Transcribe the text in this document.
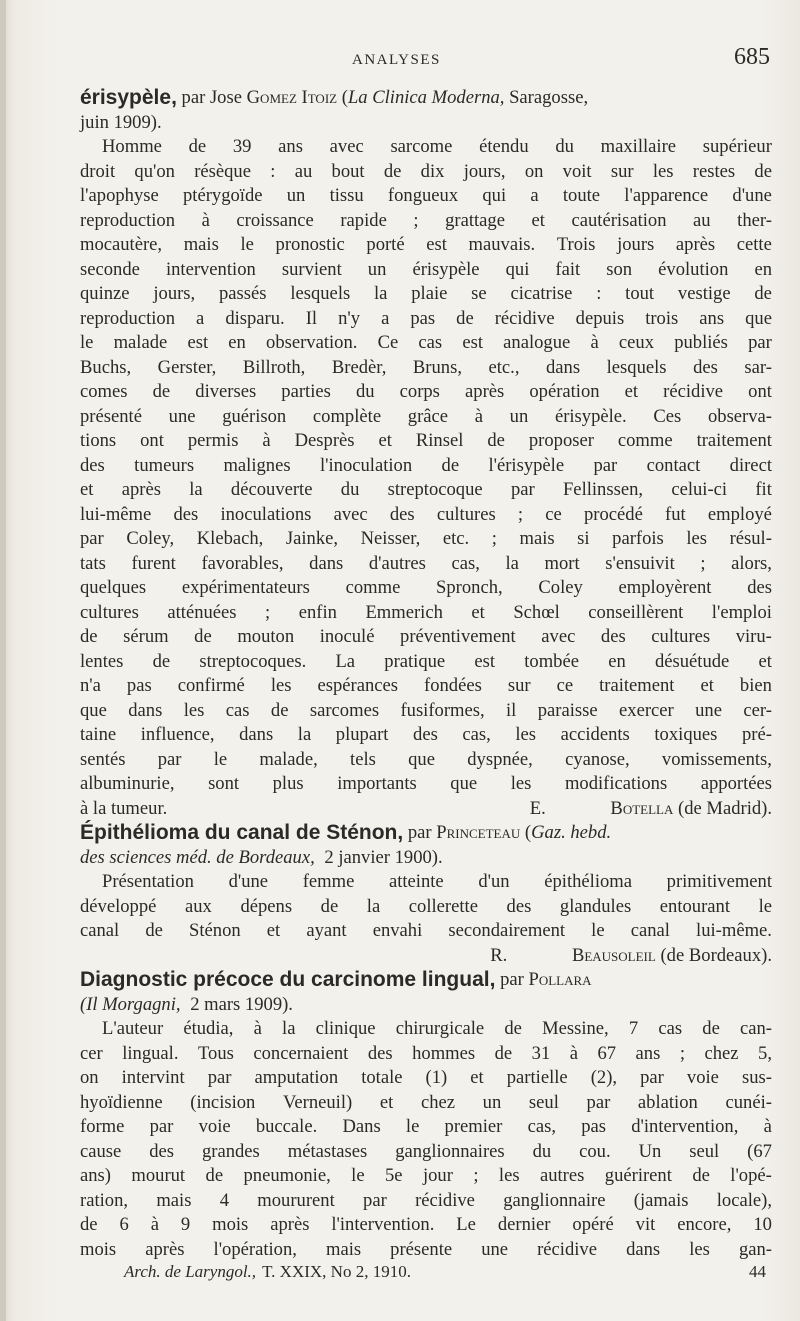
ANALYSES	685
érisypèle, par Jose Gomez Itoiz ( La Clinica Moderna, Saragosse,
juin 1909).
Homme de 39 ans avec sarcome étendu du maxillaire supérieur
droit qu'on résèque : au bout de dix jours, on voit sur les restes de
l'apophyse ptérygoïde un tissu fongueux qui a toute l'apparence d'une
reproduction à croissance rapide ; grattage et cautérisation au ther-
mocautère, mais le pronostic porté est mauvais. Trois jours après cette
seconde intervention survient un érisypèle qui fait son évolution en
quinze jours, passés lesquels la plaie se cicatrise : tout vestige de
reproduction a disparu. Il n'y a pas de récidive depuis trois ans que
le malade est en observation. Ce cas est analogue à ceux publiés par
Buchs, Gerster, Billroth, Bredèr, Bruns, etc., dans lesquels des sar-
comes de diverses parties du corps après opération et récidive ont
présenté une guérison complète grâce à un érisypèle. Ces observa-
tions ont permis à Desprès et Rinsel de proposer comme traitement
des tumeurs malignes l'inoculation de l'érisypèle par contact direct
et après la découverte du streptocoque par Fellinssen, celui-ci fit
lui-même des inoculations avec des cultures ; ce procédé fut employé
par Coley, Klebach, Jainke, Neisser, etc. ; mais si parfois les résul-
tats furent favorables, dans d'autres cas, la mort s'ensuivit ; alors,
quelques expérimentateurs comme Spronch, Coley employèrent des
cultures atténuées ; enfin Emmerich et Schœl conseillèrent l'emploi
de sérum de mouton inoculé préventivement avec des cultures viru-
lentes de streptocoques. La pratique est tombée en désuétude et
n'a pas confirmé les espérances fondées sur ce traitement et bien
que dans les cas de sarcomes fusiformes, il paraisse exercer une cer-
taine influence, dans la plupart des cas, les accidents toxiques pré-
sentés par le malade, tels que dyspnée, cyanose, vomissements,
albuminurie, sont plus importants que les modifications apportées
à la tumeur.	E.	Botella (de Madrid).
Épithélioma du canal de Sténon, par Princeteau ( Gaz. hebd.
des sciences méd. de Bordeaux, 2 janvier 1900).
Présentation d'une femme atteinte d'un épithélioma primitivement
développé aux dépens de la collerette des glandules entourant le
canal de Sténon et ayant envahi secondairement le canal lui-même.
R.	Beausoleil (de Bordeaux).
Diagnostic précoce du carcinome lingual, par Pollara
(Il Morgagni, 2 mars 1909).
L'auteur étudia, à la clinique chirurgicale de Messine, 7 cas de can-
cer lingual. Tous concernaient des hommes de 31 à 67 ans ; chez 5,
on intervint par amputation totale (1) et partielle (2), par voie sus-
hyoïdienne (incision Verneuil) et chez un seul par ablation cunéi-
forme par voie buccale. Dans le premier cas, pas d'intervention, à
cause des grandes métastases ganglionnaires du cou. Un seul (67
ans) mourut de pneumonie, le 5e jour ; les autres guérirent de l'opé-
ration, mais 4 moururent par récidive ganglionnaire (jamais locale),
de 6 à 9 mois après l'intervention. Le dernier opéré vit encore, 10
mois après l'opération, mais présente une récidive dans les gan-
Arch. de Laryngol., T. XXIX, No 2, 1910.	44
